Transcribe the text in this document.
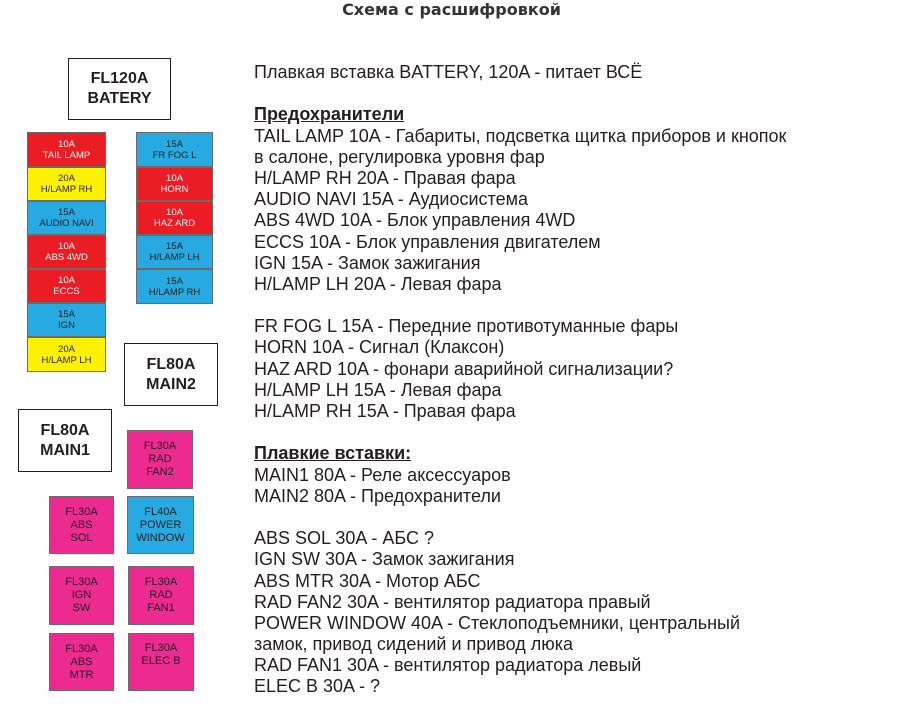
Схема с расшифровкой
FL120A
BATERY
10A
TAIL LAMP
20A
H/LAMP RH
15A
AUDIO NAVI
10A
ABS 4WD
10A
ECCS
15A
IGN
20A
H/LAMP LH
15A
FR FOG L
10A
HORN
10A
HAZ ARD
15A
H/LAMP LH
15A
H/LAMP RH
FL80A
MAIN2
FL80A
MAIN1	FL30A
RAD
FAN2
FL30A
ABS
SOL
FL40A
POWER
WINDOW
FL30A
IGN
SW
FL30A
RAD
FAN1
FL30A
ABS
MTR
FL30A
ELEC B
Плавкая вставка BATTERY, 120A - питает ВСЁ
Предохранители
TAIL LAMP 10A - Габариты, подсветка щитка приборов и кнопок
в салоне, регулировка уровня фар
H/LAMP RH 20A - Правая фара
AUDIO NAVI 15A - Аудиосистема
ABS 4WD 10A - Блок управления 4WD
ECCS 10A - Блок управления двигателем
IGN 15A - Замок зажигания
H/LAMP LH 20A - Левая фара
FR FOG L 15A - Передние противотуманные фары
HORN 10A - Сигнал (Клаксон)
HAZ ARD 10A - фонари аварийной сигнализации?
H/LAMP LH 15A - Левая фара
H/LAMP RH 15A - Правая фара
Плавкие вставки:
MAIN1 80A - Реле аксессуаров
MAIN2 80A - Предохранители
ABS SOL 30A - АБС ?
IGN SW 30A - Замок зажигания
ABS MTR 30A - Мотор АБС
RAD FAN2 30A - вентилятор радиатора правый
POWER WINDOW 40A - Стеклоподъемники, центральный
замок, привод сидений и привод люка
RAD FAN1 30A - вентилятор радиатора левый
ELEC B 30A - ?
